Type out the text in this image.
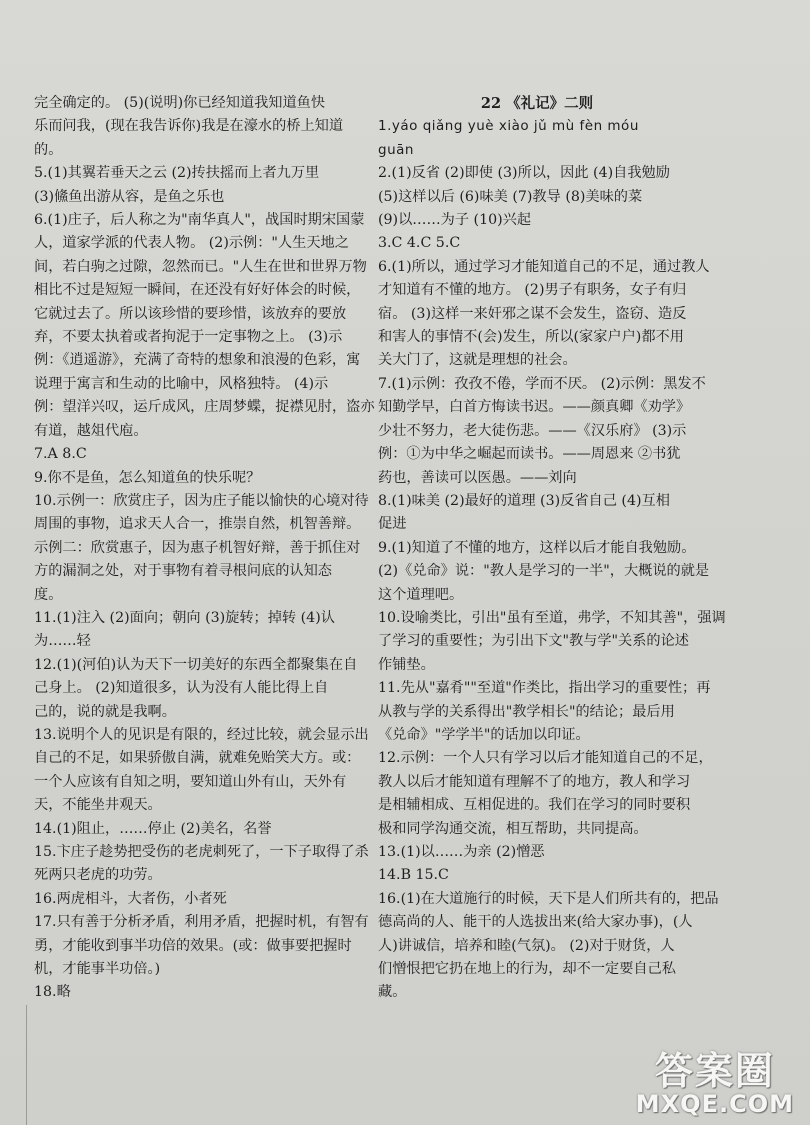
完全确定的。 (5)(说明)你已经知道我知道鱼快
乐而问我，(现在我告诉你)我是在濠水的桥上知道
的。
5.(1)其翼若垂天之云 (2)抟扶摇而上者九万里
(3)鯈鱼出游从容，是鱼之乐也
6.(1)庄子，后人称之为"南华真人"，战国时期宋国蒙
人，道家学派的代表人物。 (2)示例："人生天地之
间，若白驹之过隙，忽然而已。"人生在世和世界万物
相比不过是短短一瞬间，在还没有好好体会的时候，
它就过去了。所以该珍惜的要珍惜，该放弃的要放
弃，不要太执着或者拘泥于一定事物之上。 (3)示
例：《逍遥游》，充满了奇特的想象和浪漫的色彩，寓
说理于寓言和生动的比喻中，风格独特。 (4)示
例：望洋兴叹，运斤成风，庄周梦蝶，捉襟见肘，盗亦
有道，越俎代庖。
7.A 8.C
9.你不是鱼，怎么知道鱼的快乐呢？
10.示例一：欣赏庄子，因为庄子能以愉快的心境对待
周围的事物，追求天人合一，推崇自然，机智善辩。
示例二：欣赏惠子，因为惠子机智好辩，善于抓住对
方的漏洞之处，对于事物有着寻根问底的认知态
度。
11.(1)注入 (2)面向；朝向 (3)旋转；掉转 (4)认
为……轻
12.(1)(河伯)认为天下一切美好的东西全都聚集在自
己身上。 (2)知道很多，认为没有人能比得上自
己的，说的就是我啊。
13.说明个人的见识是有限的，经过比较，就会显示出
自己的不足，如果骄傲自满，就难免贻笑大方。或：
一个人应该有自知之明，要知道山外有山，天外有
天，不能坐井观天。
14.(1)阻止，……停止 (2)美名，名誉
15.卞庄子趁势把受伤的老虎刺死了，一下子取得了杀
死两只老虎的功劳。
16.两虎相斗，大者伤，小者死
17.只有善于分析矛盾，利用矛盾，把握时机，有智有
勇，才能收到事半功倍的效果。(或：做事要把握时
机，才能事半功倍。)
18.略
22 《礼记》二则
1.yáo qiǎng yuè xiào jǔ mù fèn móu
guān
2.(1)反省 (2)即使 (3)所以，因此 (4)自我勉励
(5)这样以后 (6)味美 (7)教导 (8)美味的菜
(9)以……为子 (10)兴起
3.C 4.C 5.C
6.(1)所以，通过学习才能知道自己的不足，通过教人
才知道有不懂的地方。 (2)男子有职务，女子有归
宿。 (3)这样一来奸邪之谋不会发生，盗窃、造反
和害人的事情不(会)发生，所以(家家户户)都不用
关大门了，这就是理想的社会。
7.(1)示例：孜孜不倦，学而不厌。 (2)示例：黑发不
知勤学早，白首方悔读书迟。——颜真卿《劝学》
少壮不努力，老大徒伤悲。——《汉乐府》 (3)示
例：①为中华之崛起而读书。——周恩来 ②书犹
药也，善读可以医愚。——刘向
8.(1)味美 (2)最好的道理 (3)反省自己 (4)互相
促进
9.(1)知道了不懂的地方，这样以后才能自我勉励。
(2)《兑命》说："教人是学习的一半"，大概说的就是
这个道理吧。
10.设喻类比，引出"虽有至道，弗学，不知其善"，强调
了学习的重要性；为引出下文"教与学"关系的论述
作铺垫。
11.先从"嘉肴""至道"作类比，指出学习的重要性；再
从教与学的关系得出"教学相长"的结论；最后用
《兑命》"学学半"的话加以印证。
12.示例：一个人只有学习以后才能知道自己的不足，
教人以后才能知道有理解不了的地方，教人和学习
是相辅相成、互相促进的。我们在学习的同时要积
极和同学沟通交流，相互帮助，共同提高。
13.(1)以……为亲 (2)憎恶
14.B 15.C
16.(1)在大道施行的时候，天下是人们所共有的，把品
德高尚的人、能干的人选拔出来(给大家办事)，(人
人)讲诚信，培养和睦(气氛)。 (2)对于财货，人
们憎恨把它扔在地上的行为，却不一定要自己私
藏。
答案圈
MXQE.COM
